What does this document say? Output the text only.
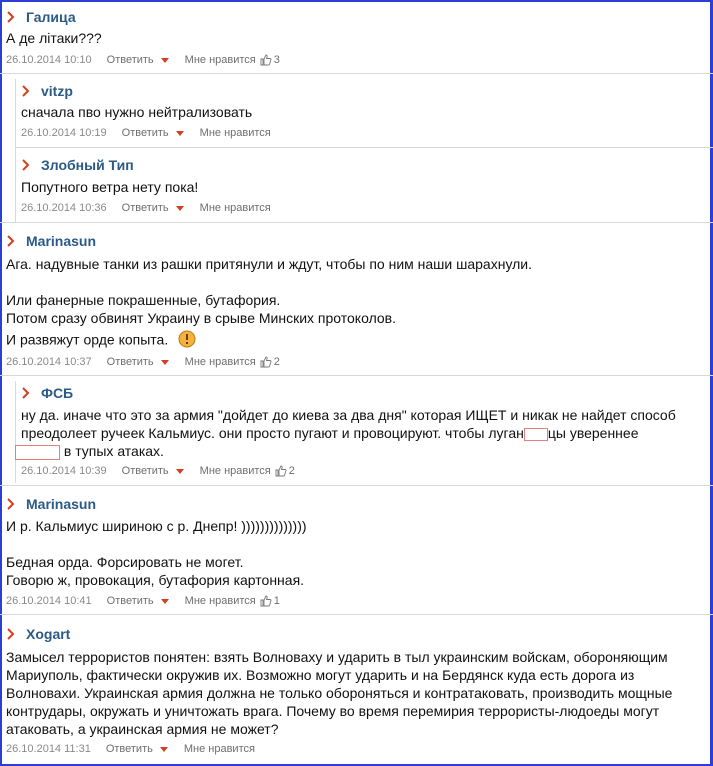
Галица
А де літаки???
26.10.2014 10:10 Ответить	Мне нравится 3
vitzp
сначала пво нужно нейтрализовать
26.10.2014 10:19 Ответить	Мне нравится
Злобный Тип
Попутного ветра нету пока!
26.10.2014 10:36 Ответить	Мне нравится
Marinasun
Ага. надувные танки из рашки притянули и ждут, чтобы по ним наши шарахнули.
Или фанерные покрашенные, бутафория.
Потом сразу обвинят Украину в срыве Минских протоколов.
И развяжут орде копыта.
26.10.2014 10:37 Ответить	Мне нравится 2
ФСБ
ну да. иначе что это за армия "дойдет до киева за два дня" которая ИЩЕТ и никак не найдет способ
преодолеет ручеек Кальмиус. они просто пугают и провоцируют. чтобы луган цы увереннее
в тупых атаках.
26.10.2014 10:39 Ответить	Мне нравится 2
Marinasun
И р. Кальмиус шириною с р. Днепр! ))))))))))))))
Бедная орда. Форсировать не могет.
Говорю ж, провокация, бутафория картонная.
26.10.2014 10:41 Ответить	Мне нравится 1
Xogart
Замысел террористов понятен: взять Волноваху и ударить в тыл украинским войскам, обороняющим
Мариуполь, фактически окружив их. Возможно могут ударить и на Бердянск куда есть дорога из
Волновахи. Украинская армия должна не только обороняться и контратаковать, производить мощные
контрудары, окружать и уничтожать врага. Почему во время перемирия террористы-людоеды могут
атаковать, а украинская армия не может?
26.10.2014 11:31 Ответить	Мне нравится
